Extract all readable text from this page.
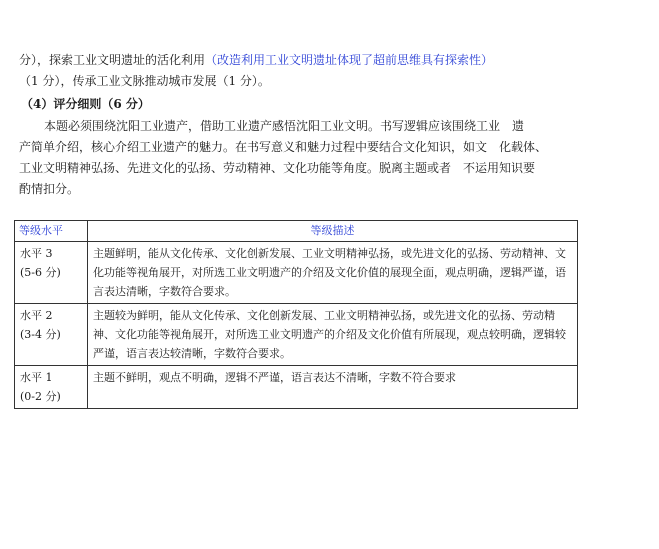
分），探索工业文明遗址的活化利用（改造利用工业文明遗址体现了超前思维具有探索性）
（1 分），传承工业文脉推动城市发展（1 分）。
（4）评分细则（6 分）
本题必须围绕沈阳工业遗产，借助工业遗产感悟沈阳工业文明。书写逻辑应该围绕工业　遗
产简单介绍，核心介绍工业遗产的魅力。在书写意义和魅力过程中要结合文化知识，如文　化载体、
工业文明精神弘扬、先进文化的弘扬、劳动精神、文化功能等角度。脱离主题或者　不运用知识要
酌情扣分。
等级水平	等级描述

水平 3
(5-6 分)	主题鲜明，能从文化传承、文化创新发展、工业文明精神弘扬，或先进文化的弘扬、劳动精神、文化功能等视角展开，对所选工业文明遗产的介绍及文化价值的展现全面，观点明确，逻辑严谨，语言表达清晰，字数符合要求。

水平 2
(3-4 分)	主题较为鲜明，能从文化传承、文化创新发展、工业文明精神弘扬，或先进文化的弘扬、劳动精神、文化功能等视角展开，对所选工业文明遗产的介绍及文化价值有所展现，观点较明确，逻辑较严谨，语言表达较清晰，字数符合要求。

水平 1
(0-2 分)	主题不鲜明，观点不明确，逻辑不严谨，语言表达不清晰，字数不符合要求
